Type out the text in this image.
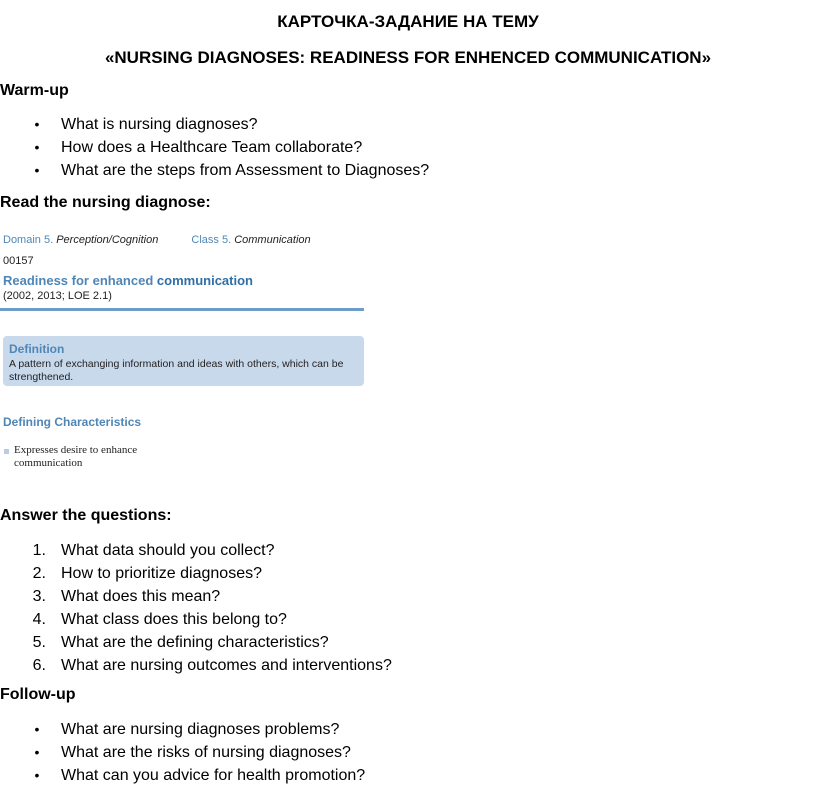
КАРТОЧКА-ЗАДАНИЕ НА ТЕМУ
«NURSING DIAGNOSES: READINESS FOR ENHENCED COMMUNICATION»
Warm-up
• What is nursing diagnoses?
• How does a Healthcare Team collaborate?
• What are the steps from Assessment to Diagnoses?
Read the nursing diagnose:
Domain 5. Perception/Cognition	Class 5. Communication
00157
Readiness for enhanced communication
(2002, 2013; LOE 2.1)
Definition
A pattern of exchanging information and ideas with others, which can be strengthened.
Defining Characteristics
Expresses desire to enhance communication
Answer the questions:
1. What data should you collect?
2. How to prioritize diagnoses?
3. What does this mean?
4. What class does this belong to?
5. What are the defining characteristics?
6. What are nursing outcomes and interventions?
Follow-up
• What are nursing diagnoses problems?
• What are the risks of nursing diagnoses?
• What can you advice for health promotion?
